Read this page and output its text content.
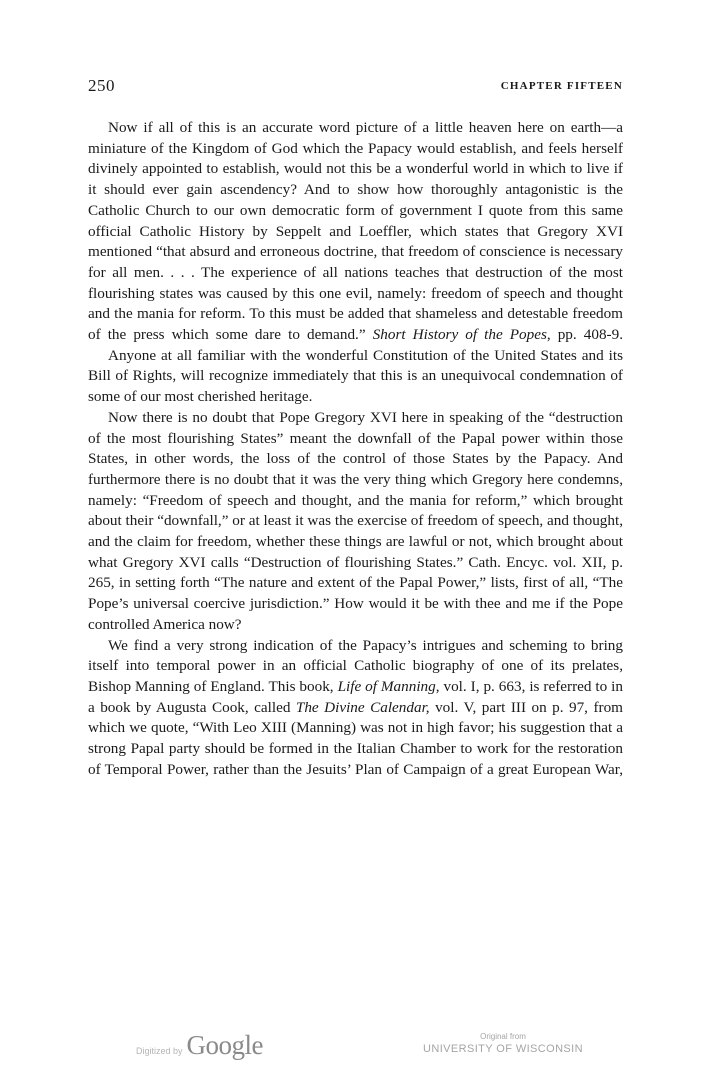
250	CHAPTER FIFTEEN

Now if all of this is an accurate word picture of a little heaven here on earth—a miniature of the Kingdom of God which the Papacy would establish, and feels herself divinely appointed to establish, would not this be a wonderful world in which to live if it should ever gain ascendency? And to show how thoroughly antagonistic is the Catholic Church to our own democratic form of government I quote from this same official Catholic History by Seppelt and Loeffler, which states that Gregory XVI mentioned “that absurd and erroneous doctrine, that freedom of conscience is necessary for all men. . . . The experience of all nations teaches that destruction of the most flourishing states was caused by this one evil, namely: freedom of speech and thought and the mania for reform. To this must be added that shameless and detestable freedom of the press which some dare to demand.” Short History of the Popes, pp. 408-9.

Anyone at all familiar with the wonderful Constitution of the United States and its Bill of Rights, will recognize immediately that this is an unequivocal condemnation of some of our most cherished heritage.

Now there is no doubt that Pope Gregory XVI here in speaking of the “destruction of the most flourishing States” meant the downfall of the Papal power within those States, in other words, the loss of the control of those States by the Papacy. And furthermore there is no doubt that it was the very thing which Gregory here condemns, namely: “Freedom of speech and thought, and the mania for reform,” which brought about their “downfall,” or at least it was the exercise of freedom of speech, and thought, and the claim for freedom, whether these things are lawful or not, which brought about what Gregory XVI calls “Destruction of flourishing States.” Cath. Encyc. vol. XII, p. 265, in setting forth “The nature and extent of the Papal Power,” lists, first of all, “The Pope’s universal coercive jurisdiction.” How would it be with thee and me if the Pope controlled America now?

We find a very strong indication of the Papacy’s intrigues and scheming to bring itself into temporal power in an official Catholic biography of one of its prelates, Bishop Manning of England. This book, Life of Manning, vol. I, p. 663, is referred to in a book by Augusta Cook, called The Divine Calendar, vol. V, part III on p. 97, from which we quote, “With Leo XIII (Manning) was not in high favor; his suggestion that a strong Papal party should be formed in the Italian Chamber to work for the restoration of Temporal Power, rather than the Jesuits’ Plan of Campaign of a great European War,

Digitized by Google	Original from
UNIVERSITY OF WISCONSIN
